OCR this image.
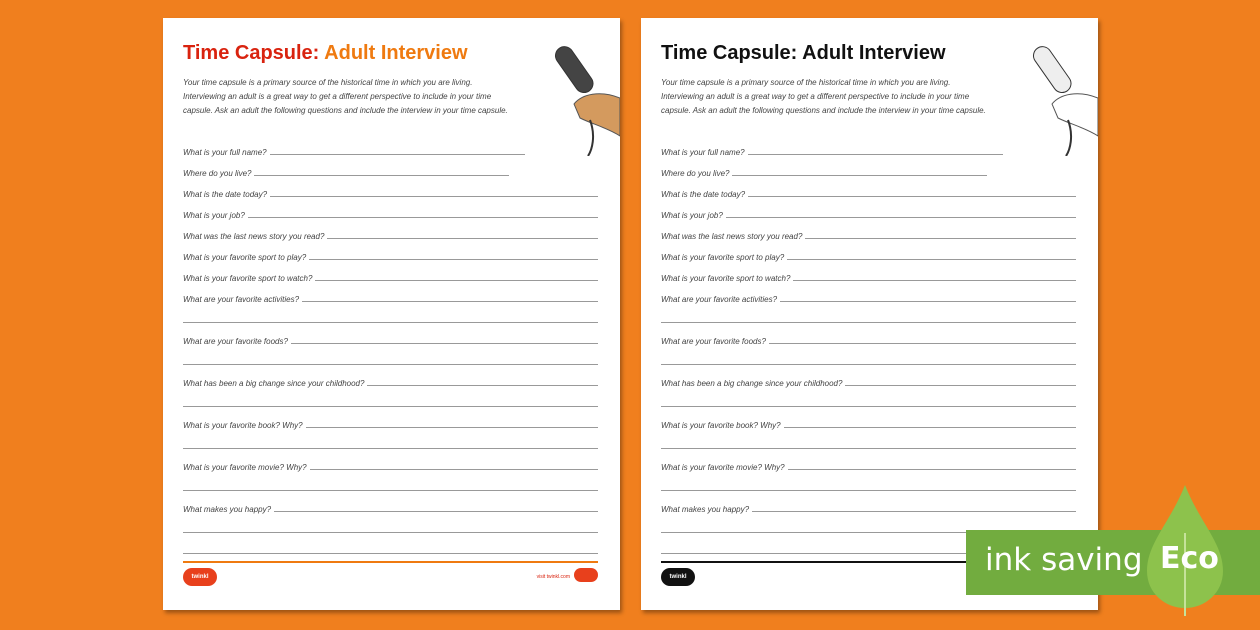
Time Capsule: Adult Interview
Your time capsule is a primary source of the historical time in which you are living. Interviewing an adult is a great way to get a different perspective to include in your time capsule. Ask an adult the following questions and include the interview in your time capsule.
What is your full name?
Where do you live?
What is the date today?
What is your job?
What was the last news story you read?
What is your favorite sport to play?
What is your favorite sport to watch?
What are your favorite activities?
What are your favorite foods?
What has been a big change since your childhood?
What is your favorite book? Why?
What is your favorite movie? Why?
What makes you happy?
twinkl	visit twinkl.com
Time Capsule: Adult Interview
Your time capsule is a primary source of the historical time in which you are living. Interviewing an adult is a great way to get a different perspective to include in your time capsule. Ask an adult the following questions and include the interview in your time capsule.
What is your full name?
Where do you live?
What is the date today?
What is your job?
What was the last news story you read?
What is your favorite sport to play?
What is your favorite sport to watch?
What are your favorite activities?
What are your favorite foods?
What has been a big change since your childhood?
What is your favorite book? Why?
What is your favorite movie? Why?
What makes you happy?
twinkl	ink saving Eco
